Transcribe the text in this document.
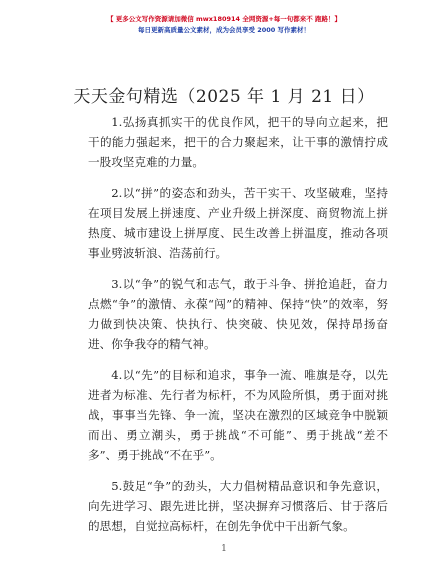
【 更多公文写作资源请加微信 mwx180914 全网资源+每一句都来不 跑路！】
每日更新高质量公文素材，成为会员享受 2000 写作素材！
天天金句精选（2025 年 1 月 21 日）

1.弘扬真抓实干的优良作风，把干的导向立起来，把干的能力强起来，把干的合力聚起来，让干事的激情拧成一股攻坚克难的力量。

2.以“拼”的姿态和劲头，苦干实干、攻坚破难，坚持在项目发展上拼速度、产业升级上拼深度、商贸物流上拼热度、城市建设上拼厚度、民生改善上拼温度，推动各项事业劈波斩浪、浩荡前行。

3.以“争”的锐气和志气，敢于斗争、拼抢追赶，奋力点燃“争”的激情、永葆“闯”的精神、保持“快”的效率，努力做到快决策、快执行、快突破、快见效，保持昂扬奋进、你争我夺的精气神。

4.以“先”的目标和追求，事争一流、唯旗是夺，以先进者为标准、先行者为标杆，不为风险所惧，勇于面对挑战，事事当先锋、争一流，坚决在激烈的区域竞争中脱颖而出、勇立潮头，勇于挑战“不可能”、勇于挑战“差不多”、勇于挑战“不在乎”。

5.鼓足“争”的劲头，大力倡树精品意识和争先意识，向先进学习、跟先进比拼，坚决摒弃习惯落后、甘于落后的思想，自觉拉高标杆，在创先争优中干出新气象。

1
